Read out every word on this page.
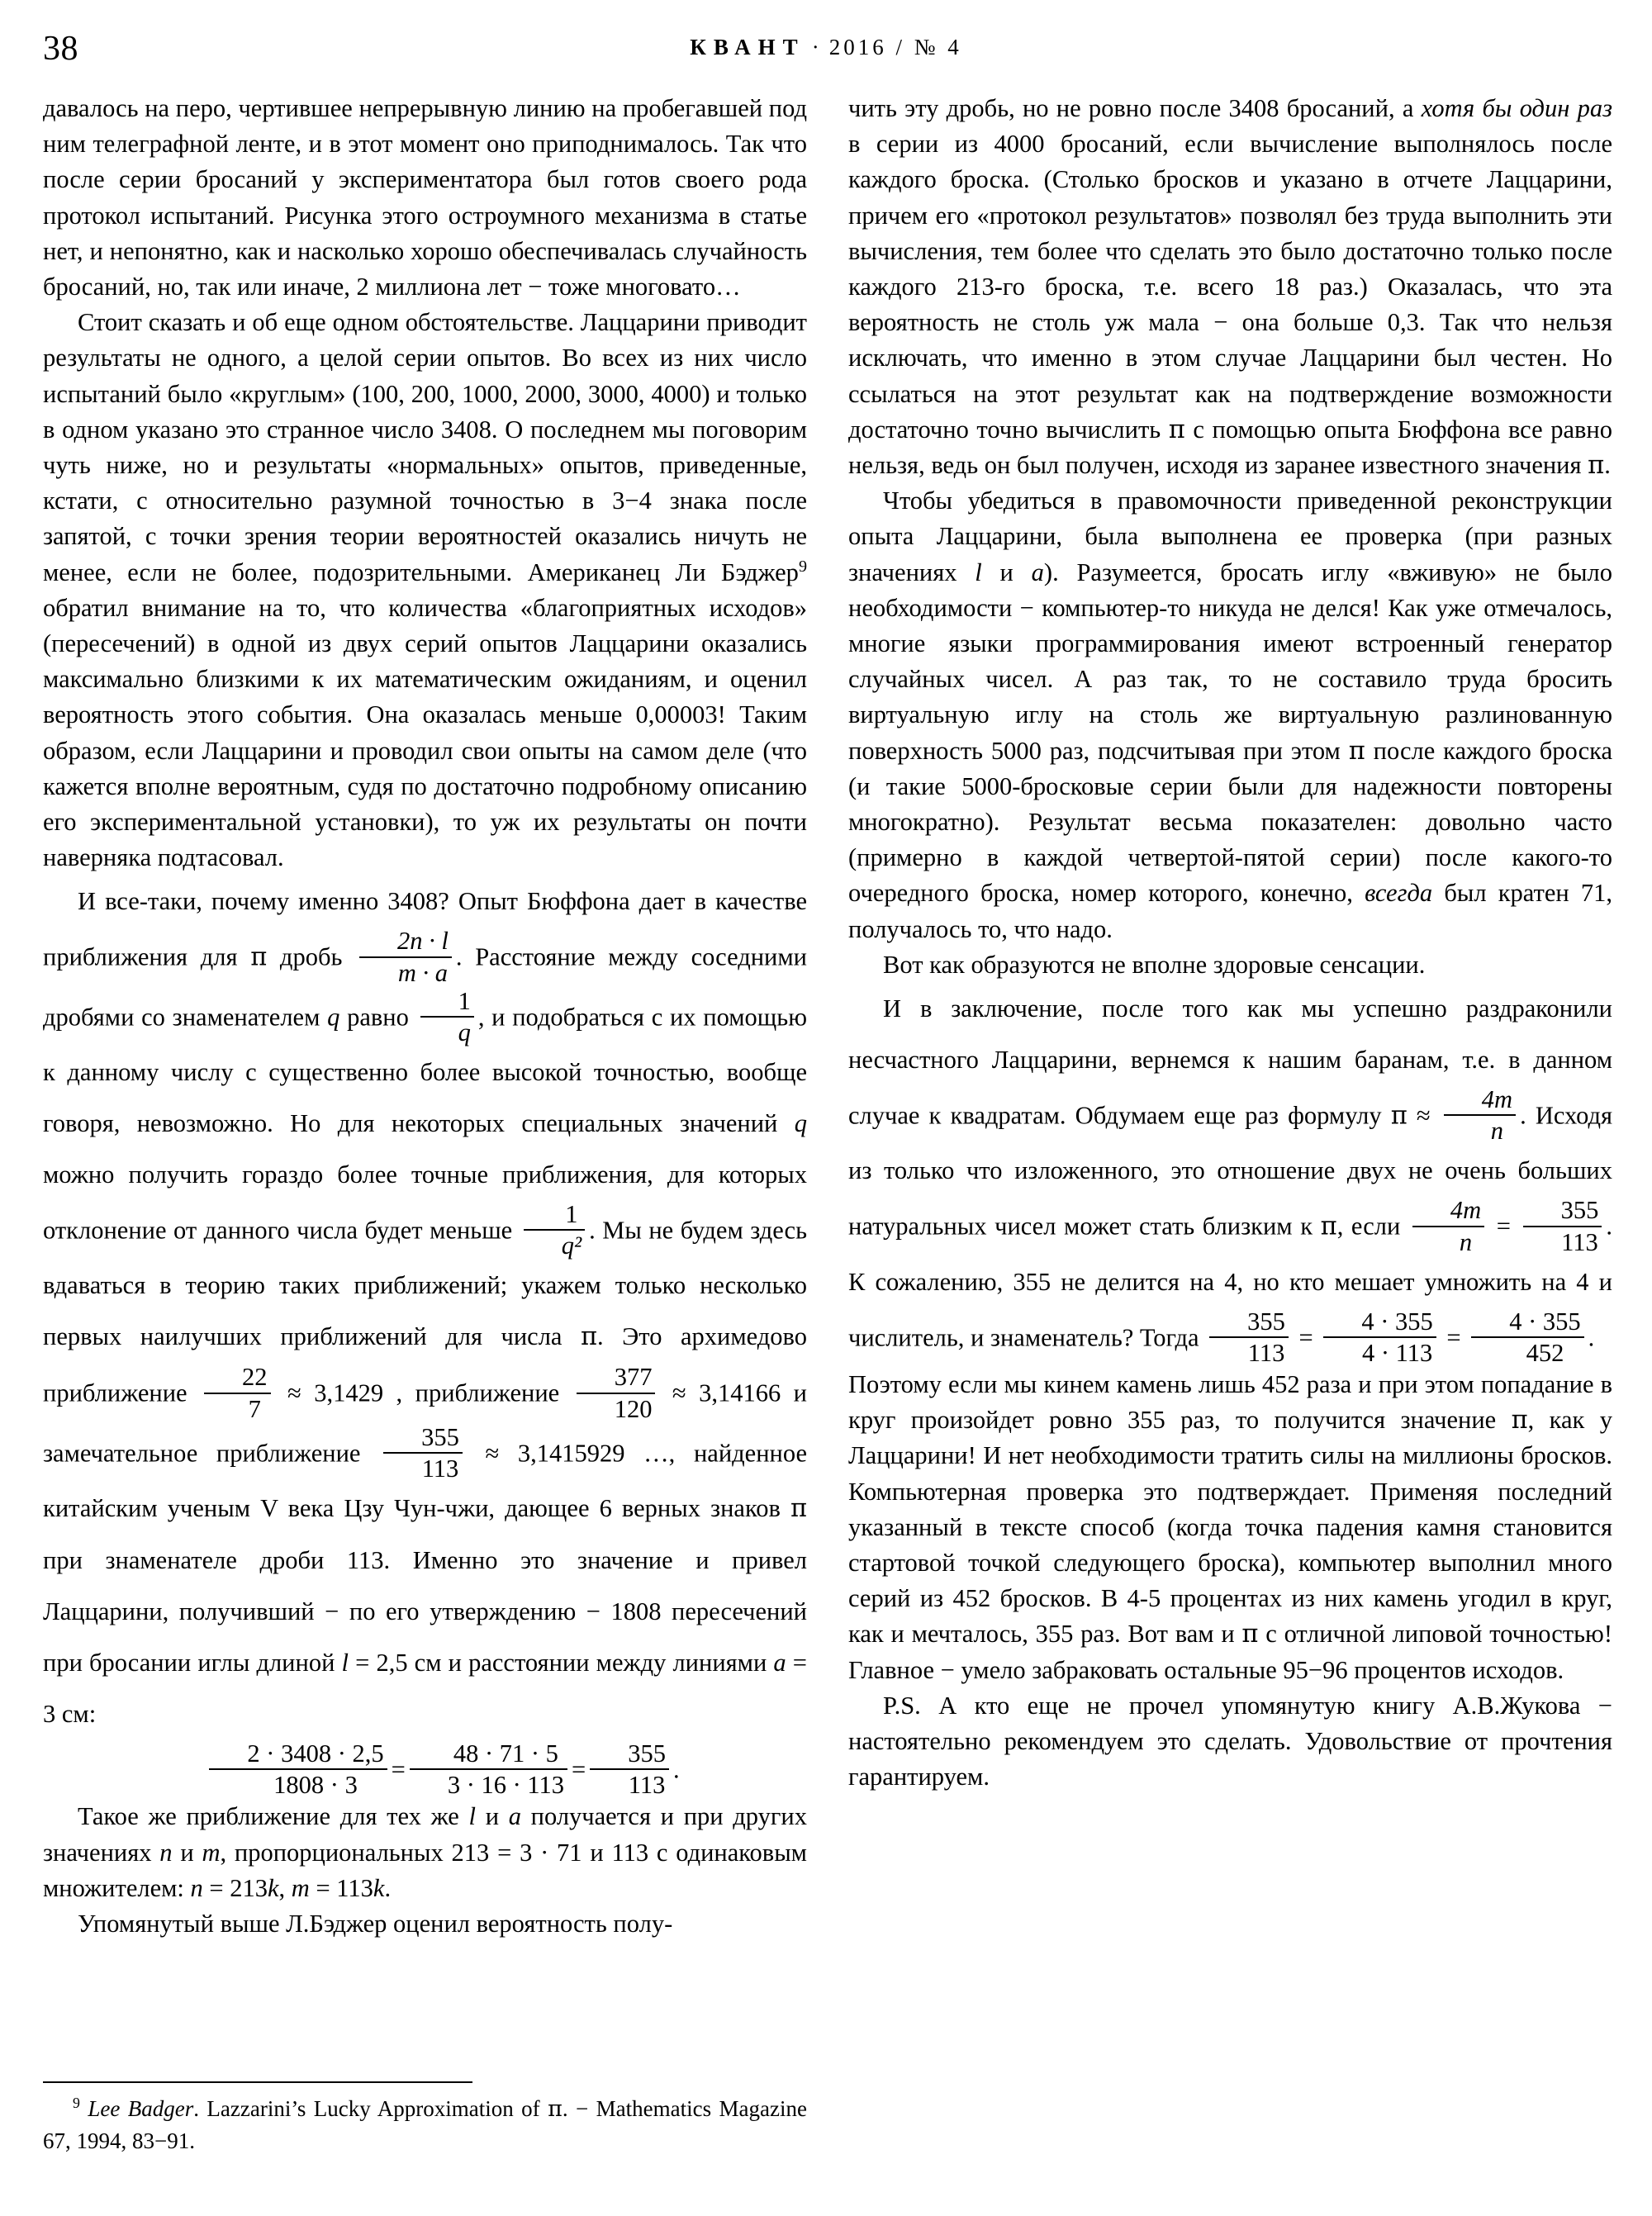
38	КВАНТ · 2016 / № 4

давалось на перо, чертившее непрерывную линию на пробегавшей под ним телеграфной ленте, и в этот момент оно приподнималось. Так что после серии бросаний у экспериментатора был готов своего рода протокол испытаний. Рисунка этого остроумного механизма в статье нет, и непонятно, как и насколько хорошо обеспечивалась случайность бросаний, но, так или иначе, 2 миллиона лет − тоже многовато…

Стоит сказать и об еще одном обстоятельстве. Лаццарини приводит результаты не одного, а целой серии опытов. Во всех из них число испытаний было «круглым» (100, 200, 1000, 2000, 3000, 4000) и только в одном указано это странное число 3408. О последнем мы поговорим чуть ниже, но и результаты «нормальных» опытов, приведенные, кстати, с относительно разумной точностью в 3−4 знака после запятой, с точки зрения теории вероятностей оказались ничуть не менее, если не более, подозрительными. Американец Ли Бэджер$^9$ обратил внимание на то, что количества «благоприятных исходов» (пересечений) в одной из двух серий опытов Лаццарини оказались максимально близкими к их математическим ожиданиям, и оценил вероятность этого события. Она оказалась меньше 0,00003! Таким образом, если Лаццарини и проводил свои опыты на самом деле (что кажется вполне вероятным, судя по достаточно подробному описанию его экспериментальной установки), то уж их результаты он почти наверняка подтасовал.

И все-таки, почему именно 3408? Опыт Бюффона дает в качестве приближения для π дробь $\frac{2n \cdot l}{m \cdot a}$ . Расстояние между соседними дробями со знаменателем q равно $\frac{1}{q}$ , и подобраться с их помощью к данному числу с существенно более высокой точностью, вообще говоря, невозможно. Но для некоторых специальных значений q можно получить гораздо более точные приближения, для которых отклонение от данного числа будет меньше $\frac{1}{\text{q²}}$ . Мы не будем здесь вдаваться в теорию таких приближений; укажем только несколько первых наилучших приближений для числа π. Это архимедово приближение $\frac{22}{7} \approx 3,1429$ , приближение $\frac{377}{120} \approx 3,14166$ и замечательное приближение $\frac{355}{113} \approx 3,1415929$ …, найденное китайским ученым V века Цзу Чун-чжи, дающее 6 верных знаков π при знаменателе дроби 113. Именно это значение и привел Лаццарини, получивший − по его утверждению − 1808 пересечений при бросании иглы длиной l = 2,5 см и расстоянии между линиями a = 3 см:

$\frac{2 \cdot 3408 \cdot 2,5}{1808 \cdot 3} = \frac{48 \cdot 71 \cdot 5}{3 \cdot 16 \cdot 113} = \frac{355}{113}$ .

Такое же приближение для тех же l и a получается и при других значениях n и m, пропорциональных 213 = 3 · 71 и 113 с одинаковым множителем: n = 213k, m = 113k.

Упомянутый выше Л.Бэджер оценил вероятность полу-

чить эту дробь, но не ровно после 3408 бросаний, а хотя бы один раз в серии из 4000 бросаний, если вычисление выполнялось после каждого броска. (Столько бросков и указано в отчете Лаццарини, причем его «протокол результатов» позволял без труда выполнить эти вычисления, тем более что сделать это было достаточно только после каждого 213-го броска, т.е. всего 18 раз.) Оказалась, что эта вероятность не столь уж мала − она больше 0,3. Так что нельзя исключать, что именно в этом случае Лаццарини был честен. Но ссылаться на этот результат как на подтверждение возможности достаточно точно вычислить π с помощью опыта Бюффона все равно нельзя, ведь он был получен, исходя из заранее известного значения π.

Чтобы убедиться в правомочности приведенной реконструкции опыта Лаццарини, была выполнена ее проверка (при разных значениях l и a). Разумеется, бросать иглу «вживую» не было необходимости − компьютер-то никуда не делся! Как уже отмечалось, многие языки программирования имеют встроенный генератор случайных чисел. А раз так, то не составило труда бросить виртуальную иглу на столь же виртуальную разлинованную поверхность 5000 раз, подсчитывая при этом π после каждого броска (и такие 5000-бросковые серии были для надежности повторены многократно). Результат весьма показателен: довольно часто (примерно в каждой четвертой-пятой серии) после какого-то очередного броска, номер которого, конечно, всегда был кратен 71, получалось то, что надо.

Вот как образуются не вполне здоровые сенсации.

И в заключение, после того как мы успешно раздраконили несчастного Лаццарини, вернемся к нашим баранам, т.е. в данном случае к квадратам. Обдумаем еще раз формулу $\pi \approx \frac{4m}{n}$ . Исходя из только что изложенного, это отношение двух не очень больших натуральных чисел может стать близким к π, если $\frac{4m}{n} = \frac{355}{113}$ . К сожалению, 355 не делится на 4, но кто мешает умножить на 4 и числитель, и знаменатель? Тогда $\frac{355}{113} = \frac{4 \cdot 355}{4 \cdot 113} = \frac{4 \cdot 355}{452}$ .

Поэтому если мы кинем камень лишь 452 раза и при этом попадание в круг произойдет ровно 355 раз, то получится значение π, как у Лаццарини! И нет необходимости тратить силы на миллионы бросков. Компьютерная проверка это подтверждает. Применяя последний указанный в тексте способ (когда точка падения камня становится стартовой точкой следующего броска), компьютер выполнил много серий из 452 бросков. В 4-5 процентах из них камень угодил в круг, как и мечталось, 355 раз. Вот вам и π с отличной липовой точностью! Главное − умело забраковать остальные 95−96 процентов исходов.

P.S. А кто еще не прочел упомянутую книгу А.В.Жукова − настоятельно рекомендуем это сделать. Удовольствие от прочтения гарантируем.

$^9$ Lee Badger. Lazzarini’s Lucky Approximation of π. − Mathematics Magazine 67, 1994, 83−91.
